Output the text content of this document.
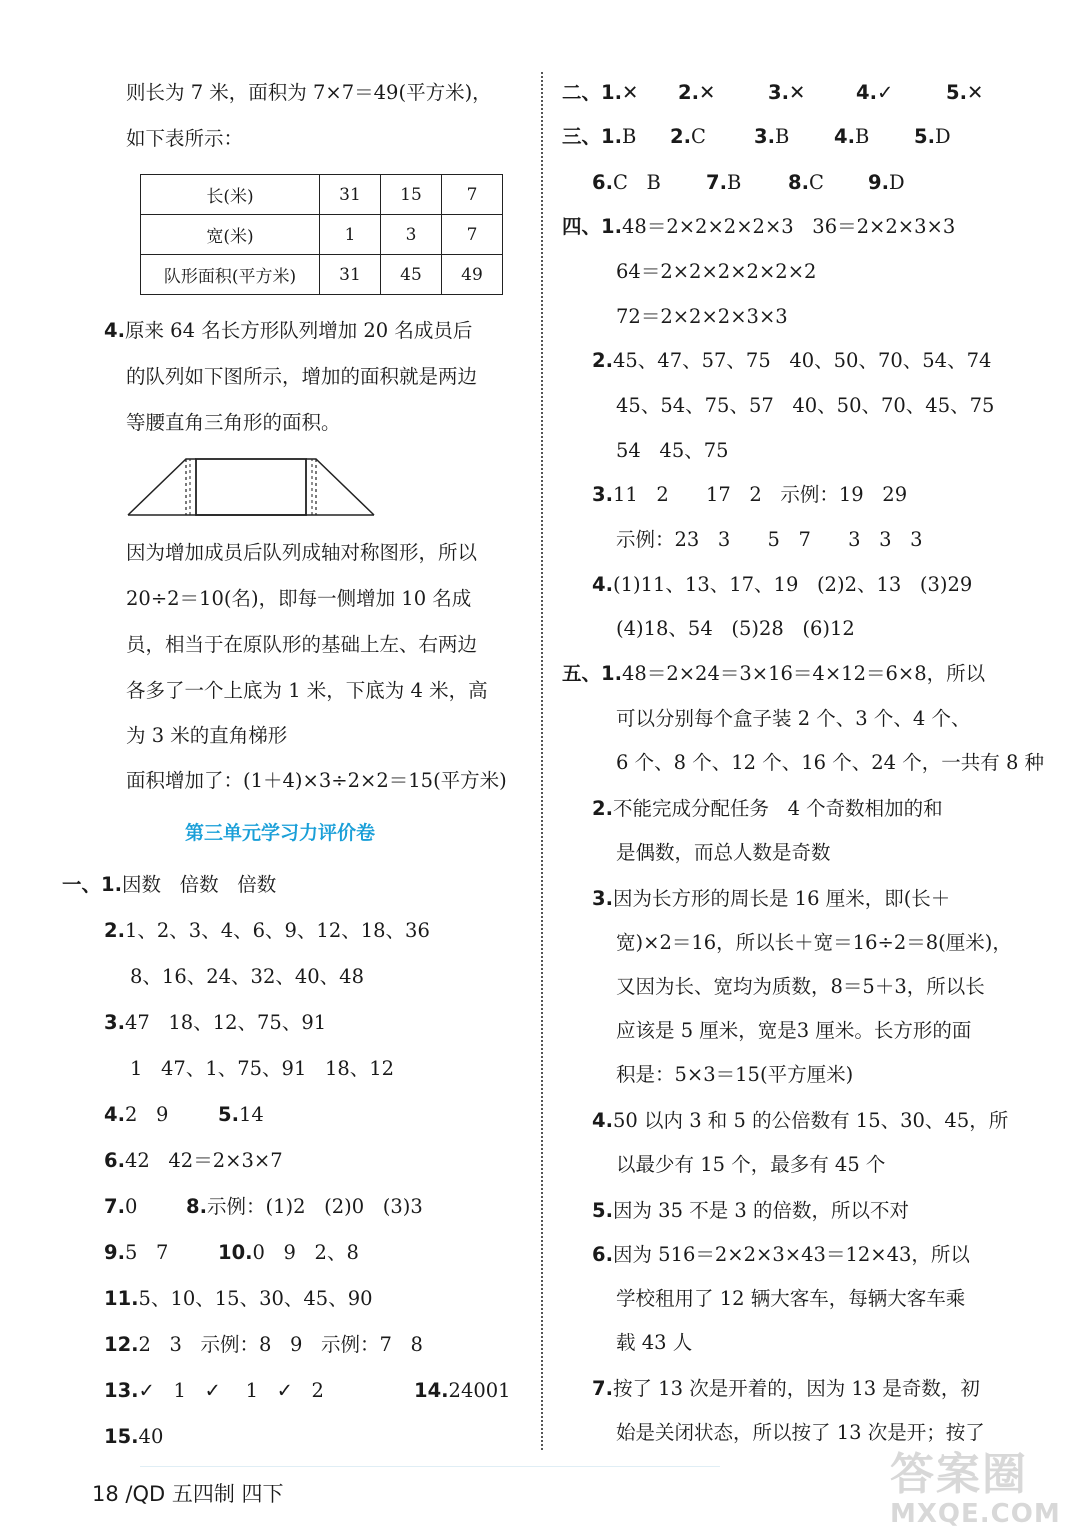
则长为 7 米，面积为 7×7＝49(平方米)，
如下表所示：
长(米)	31	15	7
宽(米)	1	3	7
队形面积(平方米)	31	45	49
4.原来 64 名长方形队列增加 20 名成员后
的队列如下图所示，增加的面积就是两边
等腰直角三角形的面积。
因为增加成员后队列成轴对称图形，所以
20÷2＝10(名)，即每一侧增加 10 名成
员，相当于在原队形的基础上左、右两边
各多了一个上底为 1 米，下底为 4 米，高
为 3 米的直角梯形
面积增加了：(1＋4)×3÷2×2＝15(平方米)
第三单元学习力评价卷
一、1.因数   倍数   倍数
2.1、2、3、4、6、9、12、18、36
8、16、24、32、40、48
3.47   18、12、75、91
1   47、1、75、91   18、12
4.2   9	5.14
6.42   42＝2×3×7
7.0 8.示例：(1)2   (2)0   (3)3
9.5   7	10.0   9   2、8
11.5、10、15、30、45、90
12.2   3   示例：8   9   示例：7   8
13.✓   1   ✓    1   ✓   2	14.24001
15.40
二、1.✕ 2.✕	3.✕	4.✓	5.✕
三、1.B 2.C 3.B 4.B 5.D
6.C   B 7.B 8.C 9.D
四、1.48＝2×2×2×2×3   36＝2×2×3×3
64＝2×2×2×2×2×2
72＝2×2×2×3×3
2.45、47、57、75   40、50、70、54、74
45、54、75、57   40、50、70、45、75
54   45、75
3.11   2      17   2   示例：19   29
示例：23   3      5   7      3   3   3
4.(1)11、13、17、19   (2)2、13   (3)29
(4)18、54   (5)28   (6)12
五、1.48＝2×24＝3×16＝4×12＝6×8，所以
可以分别每个盒子装 2 个、3 个、4 个、
6 个、8 个、12 个、16 个、24 个，一共有 8 种
2.不能完成分配任务   4 个奇数相加的和
是偶数，而总人数是奇数
3.因为长方形的周长是 16 厘米，即(长＋
宽)×2＝16，所以长＋宽＝16÷2＝8(厘米)，
又因为长、宽均为质数，8＝5＋3，所以长
应该是 5 厘米，宽是3 厘米。长方形的面
积是：5×3＝15(平方厘米)
4.50 以内 3 和 5 的公倍数有 15、30、45，所
以最少有 15 个，最多有 45 个
5.因为 35 不是 3 的倍数，所以不对
6.因为 516＝2×2×3×43＝12×43，所以
学校租用了 12 辆大客车，每辆大客车乘
载 43 人
7.按了 13 次是开着的，因为 13 是奇数，初
始是关闭状态，所以按了 13 次是开；按了
18 /QD 五四制 四下	答案圈
MXQE.COM
